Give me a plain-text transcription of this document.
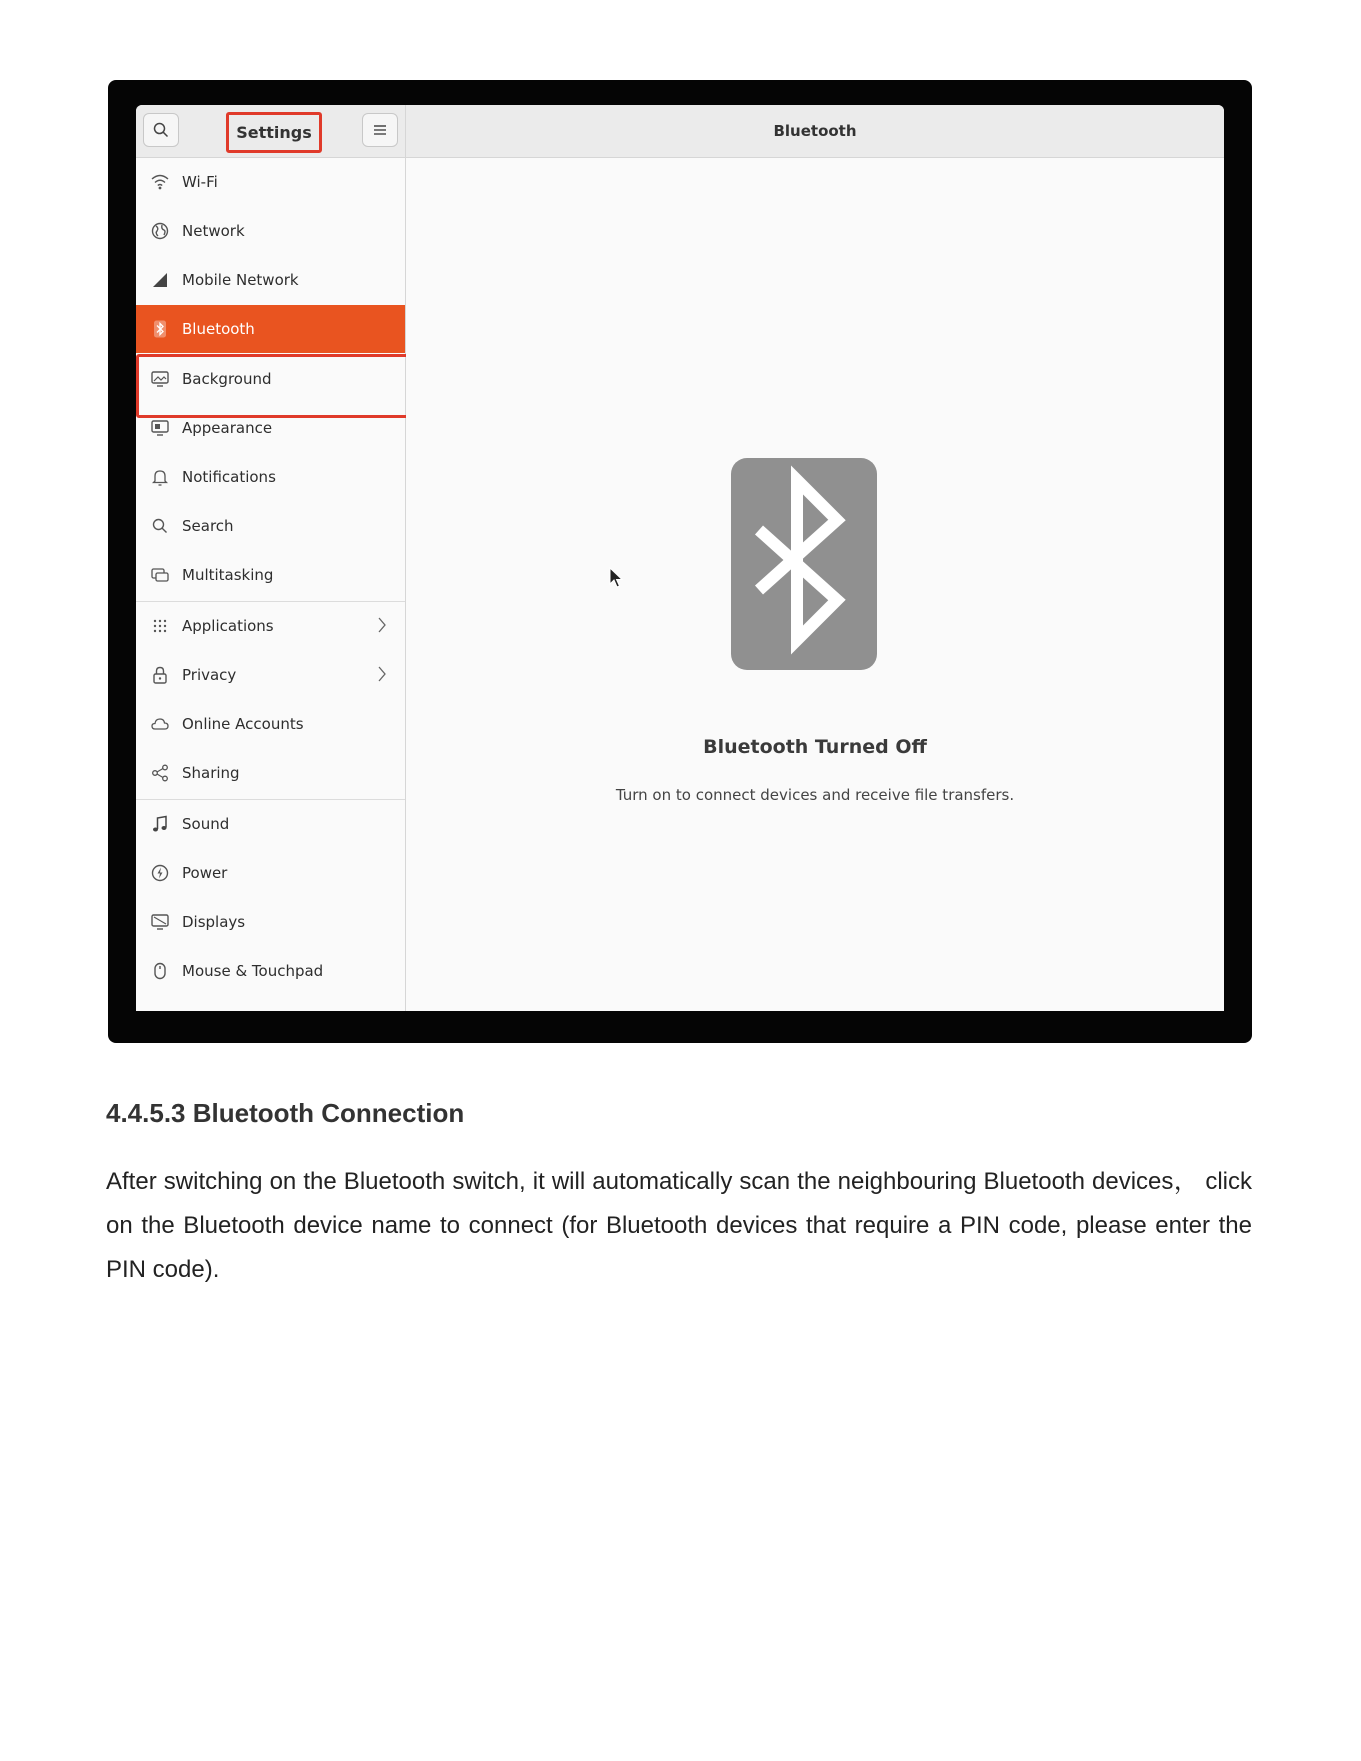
Settings	Bluetooth
Wi-Fi
Network
Mobile Network
Bluetooth
Background
Appearance
Notifications
Search
Multitasking
Applications
Privacy
Online Accounts
Sharing
Sound
Power
Displays
Mouse & Touchpad
Bluetooth Turned Off
Turn on to connect devices and receive file transfers.
4.4.5.3 Bluetooth Connection
After switching on the Bluetooth switch, it will automatically scan the neighbouring Bluetooth devices， click on the Bluetooth device name to connect (for Bluetooth devices that require a PIN code, please enter the PIN code).
